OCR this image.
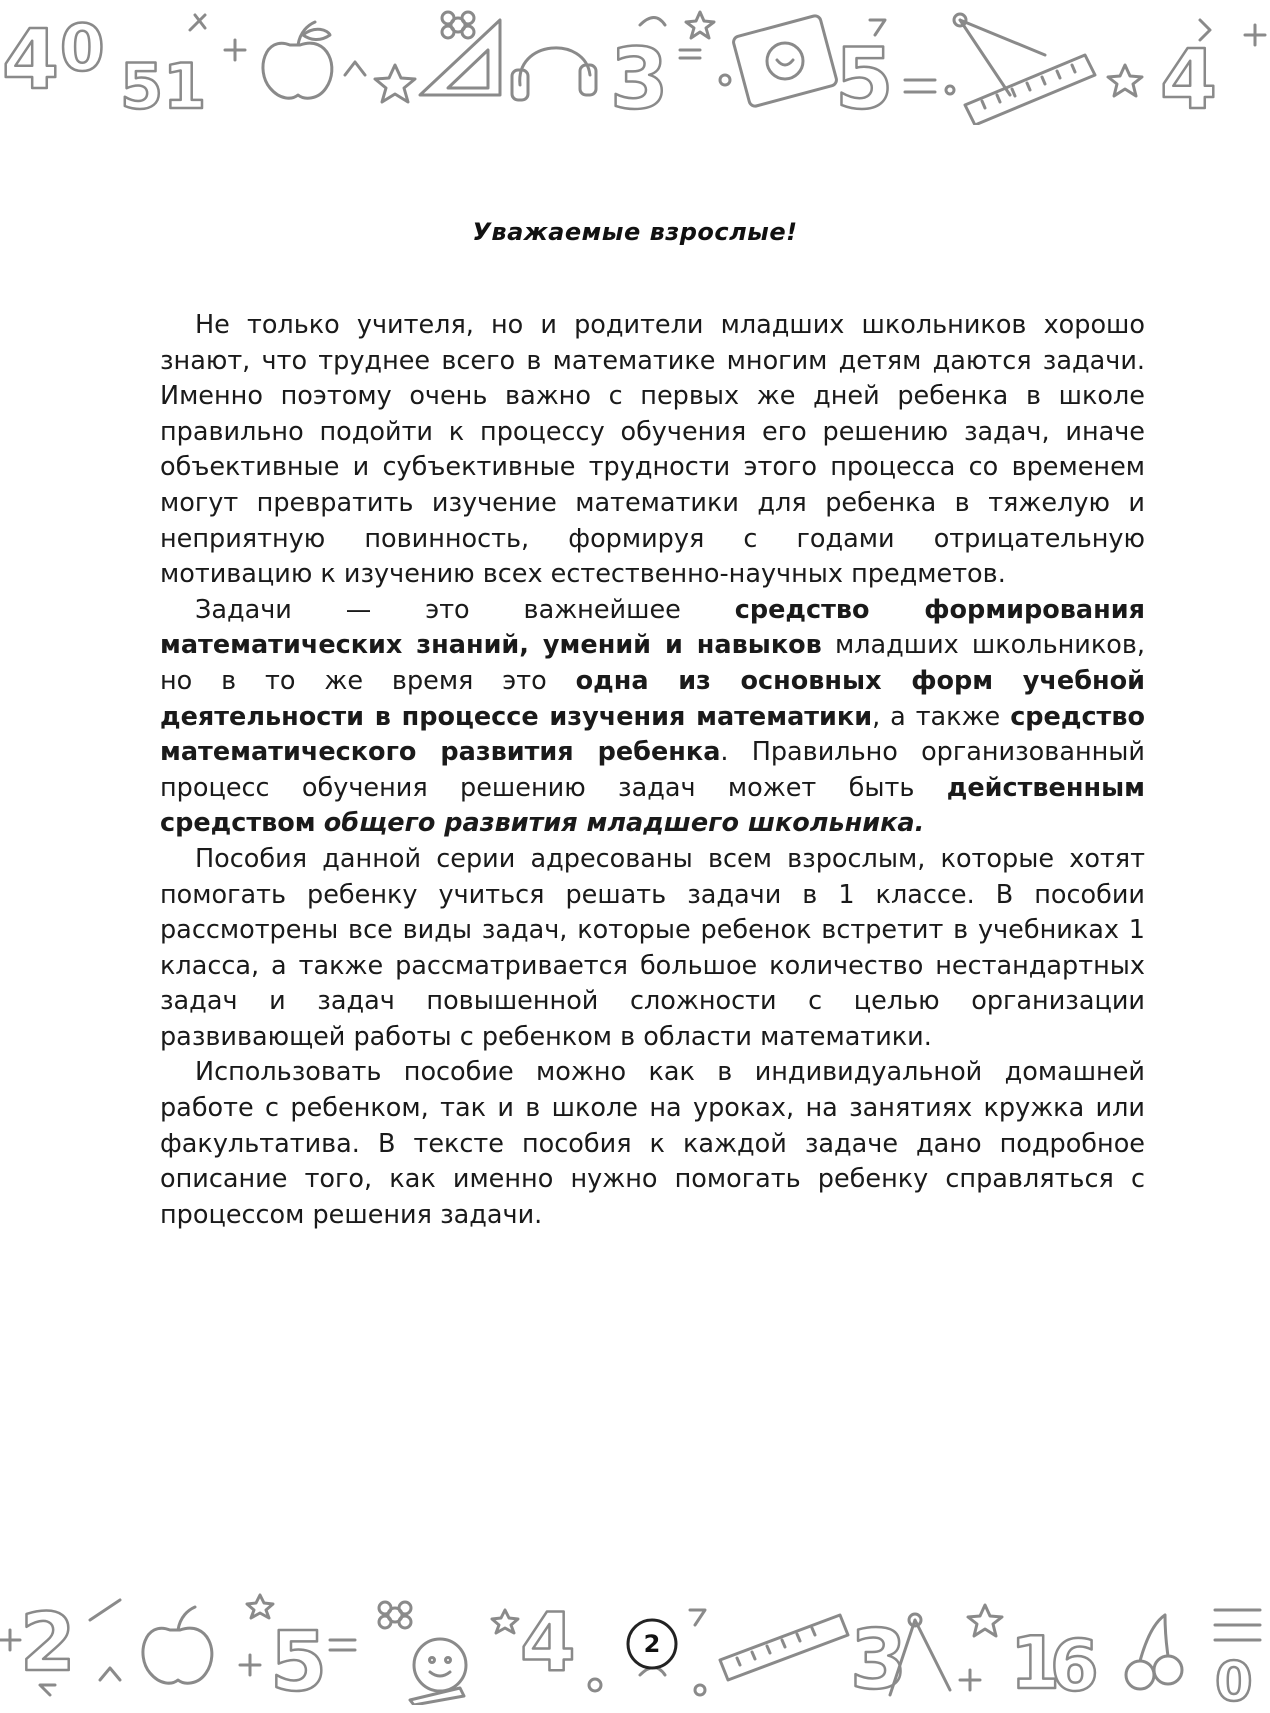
4 0
51	3 5	4
Уважаемые взрослые!

Не только учителя, но и родители младших школьников хорошо знают, что труднее всего в математике многим детям даются задачи. Именно поэтому очень важно с первых же дней ребенка в школе правильно подойти к процессу обучения его решению задач, иначе объективные и субъективные трудности этого процесса со временем могут превратить изучение математики для ребенка в тяжелую и неприятную повинность, формируя с годами отрицательную мотивацию к изучению всех естественно-научных предметов.

Задачи — это важнейшее средство формирования математических знаний, умений и навыков младших школьников, но в то же время это одна из основных форм учебной деятельности в процессе изучения математики, а также средство математического развития ребенка. Правильно организованный процесс обучения решению задач может быть действенным средством общего развития младшего школьника.

Пособия данной серии адресованы всем взрослым, которые хотят помогать ребенку учиться решать задачи в 1 классе. В пособии рассмотрены все виды задач, которые ребенок встретит в учебниках 1 класса, а также рассматривается большое количество нестандартных задач и задач повышенной сложности с целью организации развивающей работы с ребенком в области математики.

Использовать пособие можно как в индивидуальной домашней работе с ребенком, так и в школе на уроках, на занятиях кружка или факультатива. В тексте пособия к каждой задаче дано подробное описание того, как именно нужно помогать ребенку справляться с процессом решения задачи.

2 5 4	3 1
6 0
2
